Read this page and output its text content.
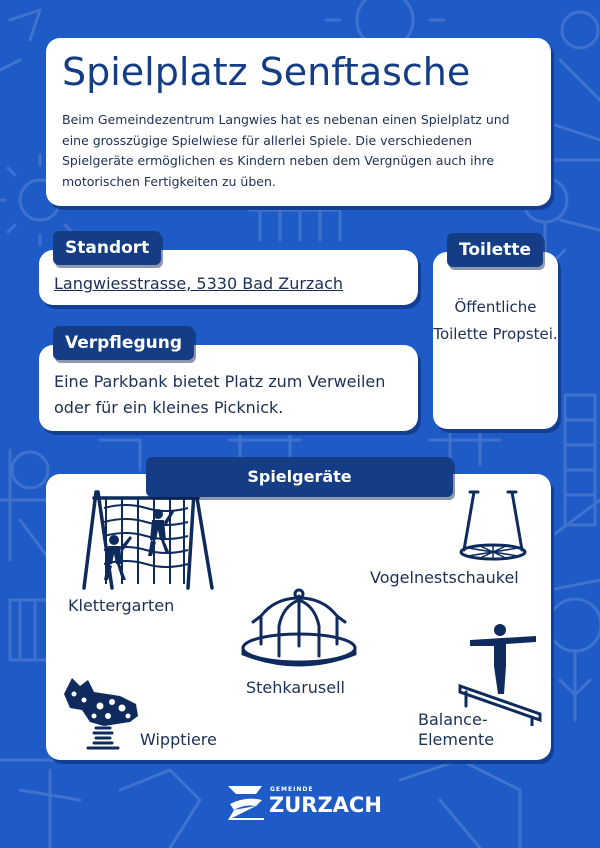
Spielplatz Senftasche
Beim Gemeindezentrum Langwies hat es nebenan einen Spielplatz und eine grosszügige Spielwiese für allerlei Spiele. Die verschiedenen Spielgeräte ermöglichen es Kindern neben dem Vergnügen auch ihre motorischen Fertigkeiten zu üben.
Langwiesstrasse, 5330 Bad Zurzach
Standort
Eine Parkbank bietet Platz zum Verweilen oder für ein kleines Picknick.
Verpflegung
Öffentliche Toilette Propstei.
Toilette
Klettergarten
Vogelnestschaukel
Stehkarusell
Wipptiere
Balance-
Elemente
Spielgeräte
GEMEINDE
ZURZACH
